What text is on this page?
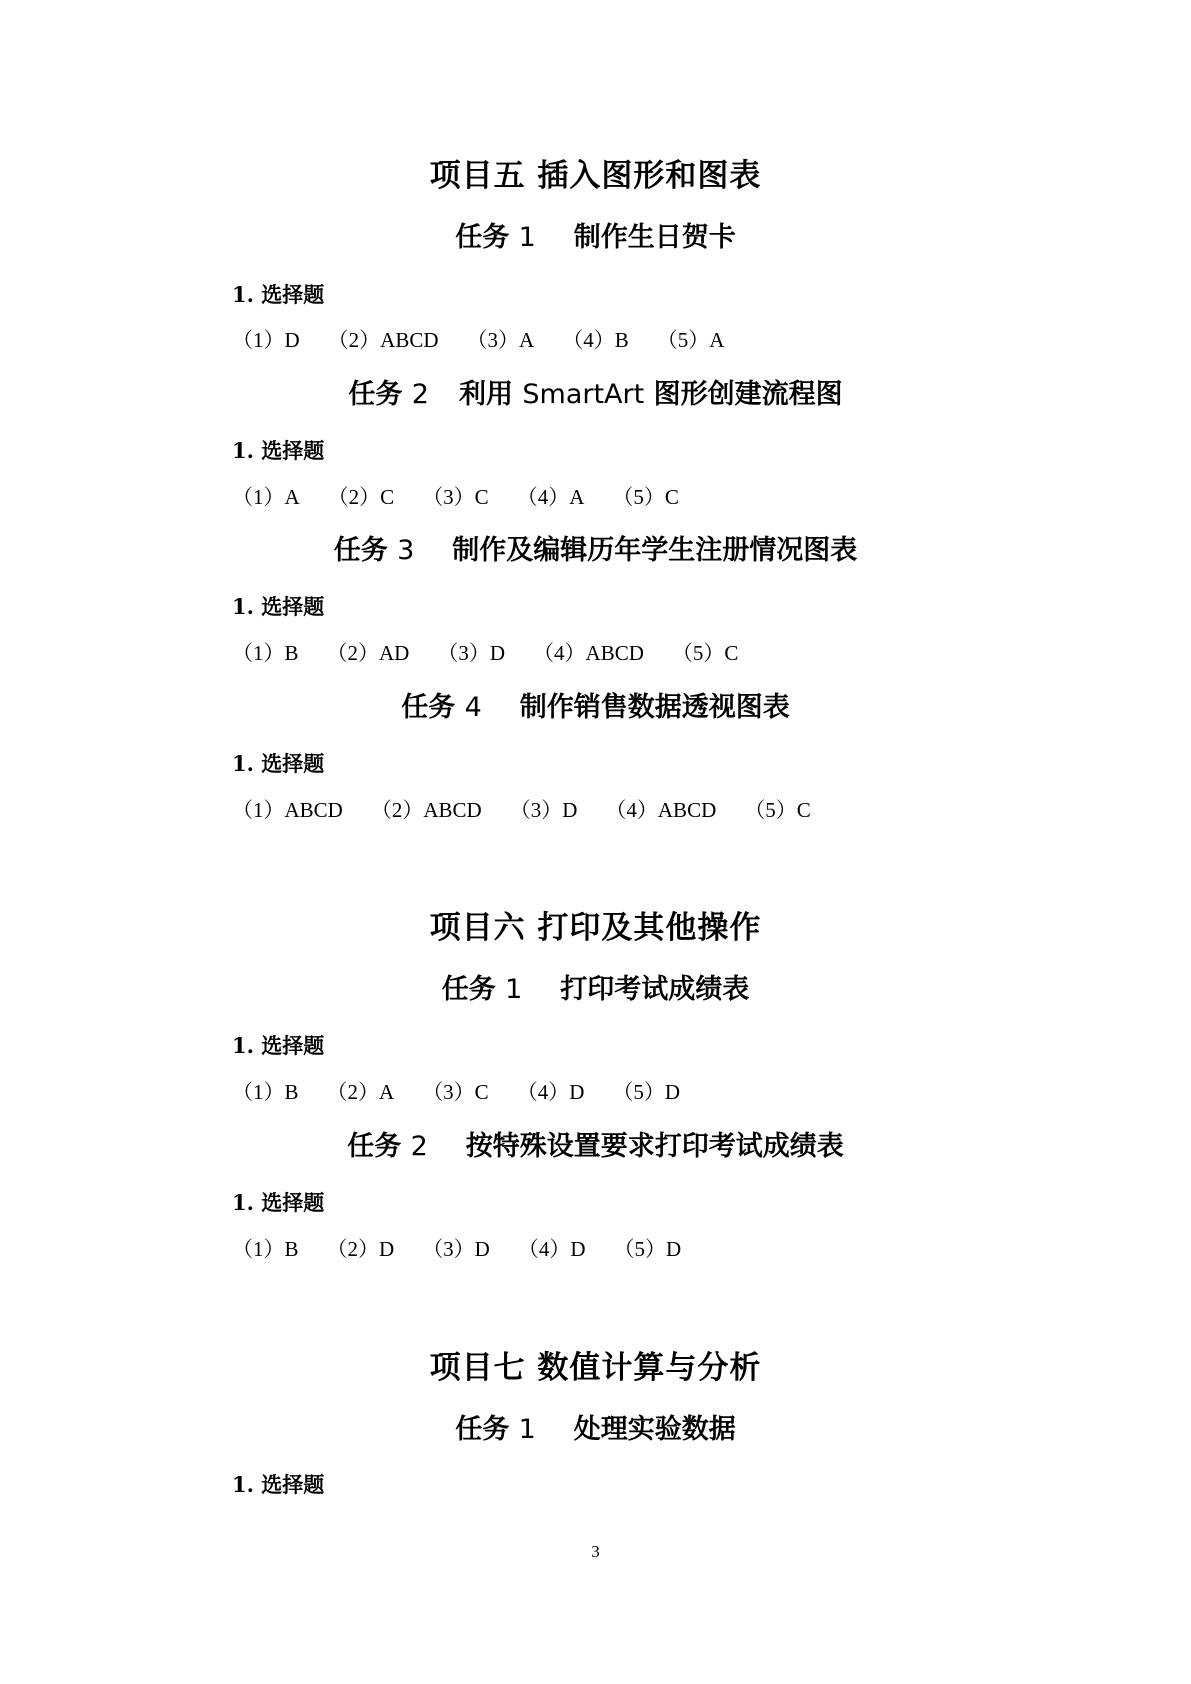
项目五 插入图形和图表
任务 1 制作生日贺卡
1. 选择题
（1）D （2）ABCD （3）A （4）B （5）A
任务 2 利用 SmartArt 图形创建流程图
1. 选择题
（1）A （2）C （3）C （4）A （5）C
任务 3 制作及编辑历年学生注册情况图表
1. 选择题
（1）B （2）AD （3）D （4）ABCD （5）C
任务 4 制作销售数据透视图表
1. 选择题
（1）ABCD （2）ABCD （3）D （4）ABCD （5）C
项目六 打印及其他操作
任务 1 打印考试成绩表
1. 选择题
（1）B （2）A （3）C （4）D （5）D
任务 2 按特殊设置要求打印考试成绩表
1. 选择题
（1）B （2）D （3）D （4）D （5）D
项目七 数值计算与分析
任务 1 处理实验数据
1. 选择题
3
